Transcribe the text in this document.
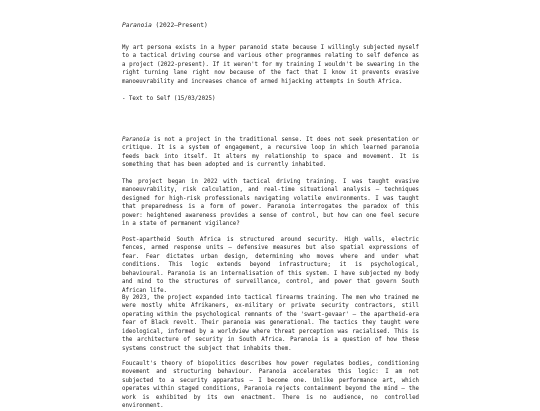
Paranoia (2022–Present)

My art persona exists in a hyper paranoid state because I willingly subjected myself to a tactical driving course and various other programmes relating to self defence as a project (2022-present). If it weren't for my training I wouldn't be swearing in the right turning lane right now because of the fact that I know it prevents evasive manoeuvrability and increases chance of armed hijacking attempts in South Africa.

- Text to Self (15/03/2025)

Paranoia is not a project in the traditional sense. It does not seek presentation or critique. It is a system of engagement, a recursive loop in which learned paranoia feeds back into itself. It alters my relationship to space and movement. It is something that has been adopted and is currently inhabited.

The project began in 2022 with tactical driving training. I was taught evasive manoeuvrability, risk calculation, and real-time situational analysis — techniques designed for high-risk professionals navigating volatile environments. I was taught that preparedness is a form of power. Paranoia interrogates the paradox of this power: heightened awareness provides a sense of control, but how can one feel secure in a state of permanent vigilance?

Post-apartheid South Africa is structured around security. High walls, electric fences, armed response units — defensive measures but also spatial expressions of fear. Fear dictates urban design, determining who moves where and under what conditions. This logic extends beyond infrastructure; it is psychological, behavioural. Paranoia is an internalisation of this system. I have subjected my body and mind to the structures of surveillance, control, and power that govern South African life.

By 2023, the project expanded into tactical firearms training. The men who trained me were mostly white Afrikaners, ex-military or private security contractors, still operating within the psychological remnants of the 'swart-gevaar' — the apartheid-era fear of Black revolt. Their paranoia was generational. The tactics they taught were ideological, informed by a worldview where threat perception was racialised. This is the architecture of security in South Africa. Paranoia is a question of how these systems construct the subject that inhabits them.

Foucault's theory of biopolitics describes how power regulates bodies, conditioning movement and structuring behaviour. Paranoia accelerates this logic: I am not subjected to a security apparatus — I become one. Unlike performance art, which operates within staged conditions, Paranoia rejects containment beyond the mind — the work is exhibited by its own enactment. There is no audience, no controlled environment.
